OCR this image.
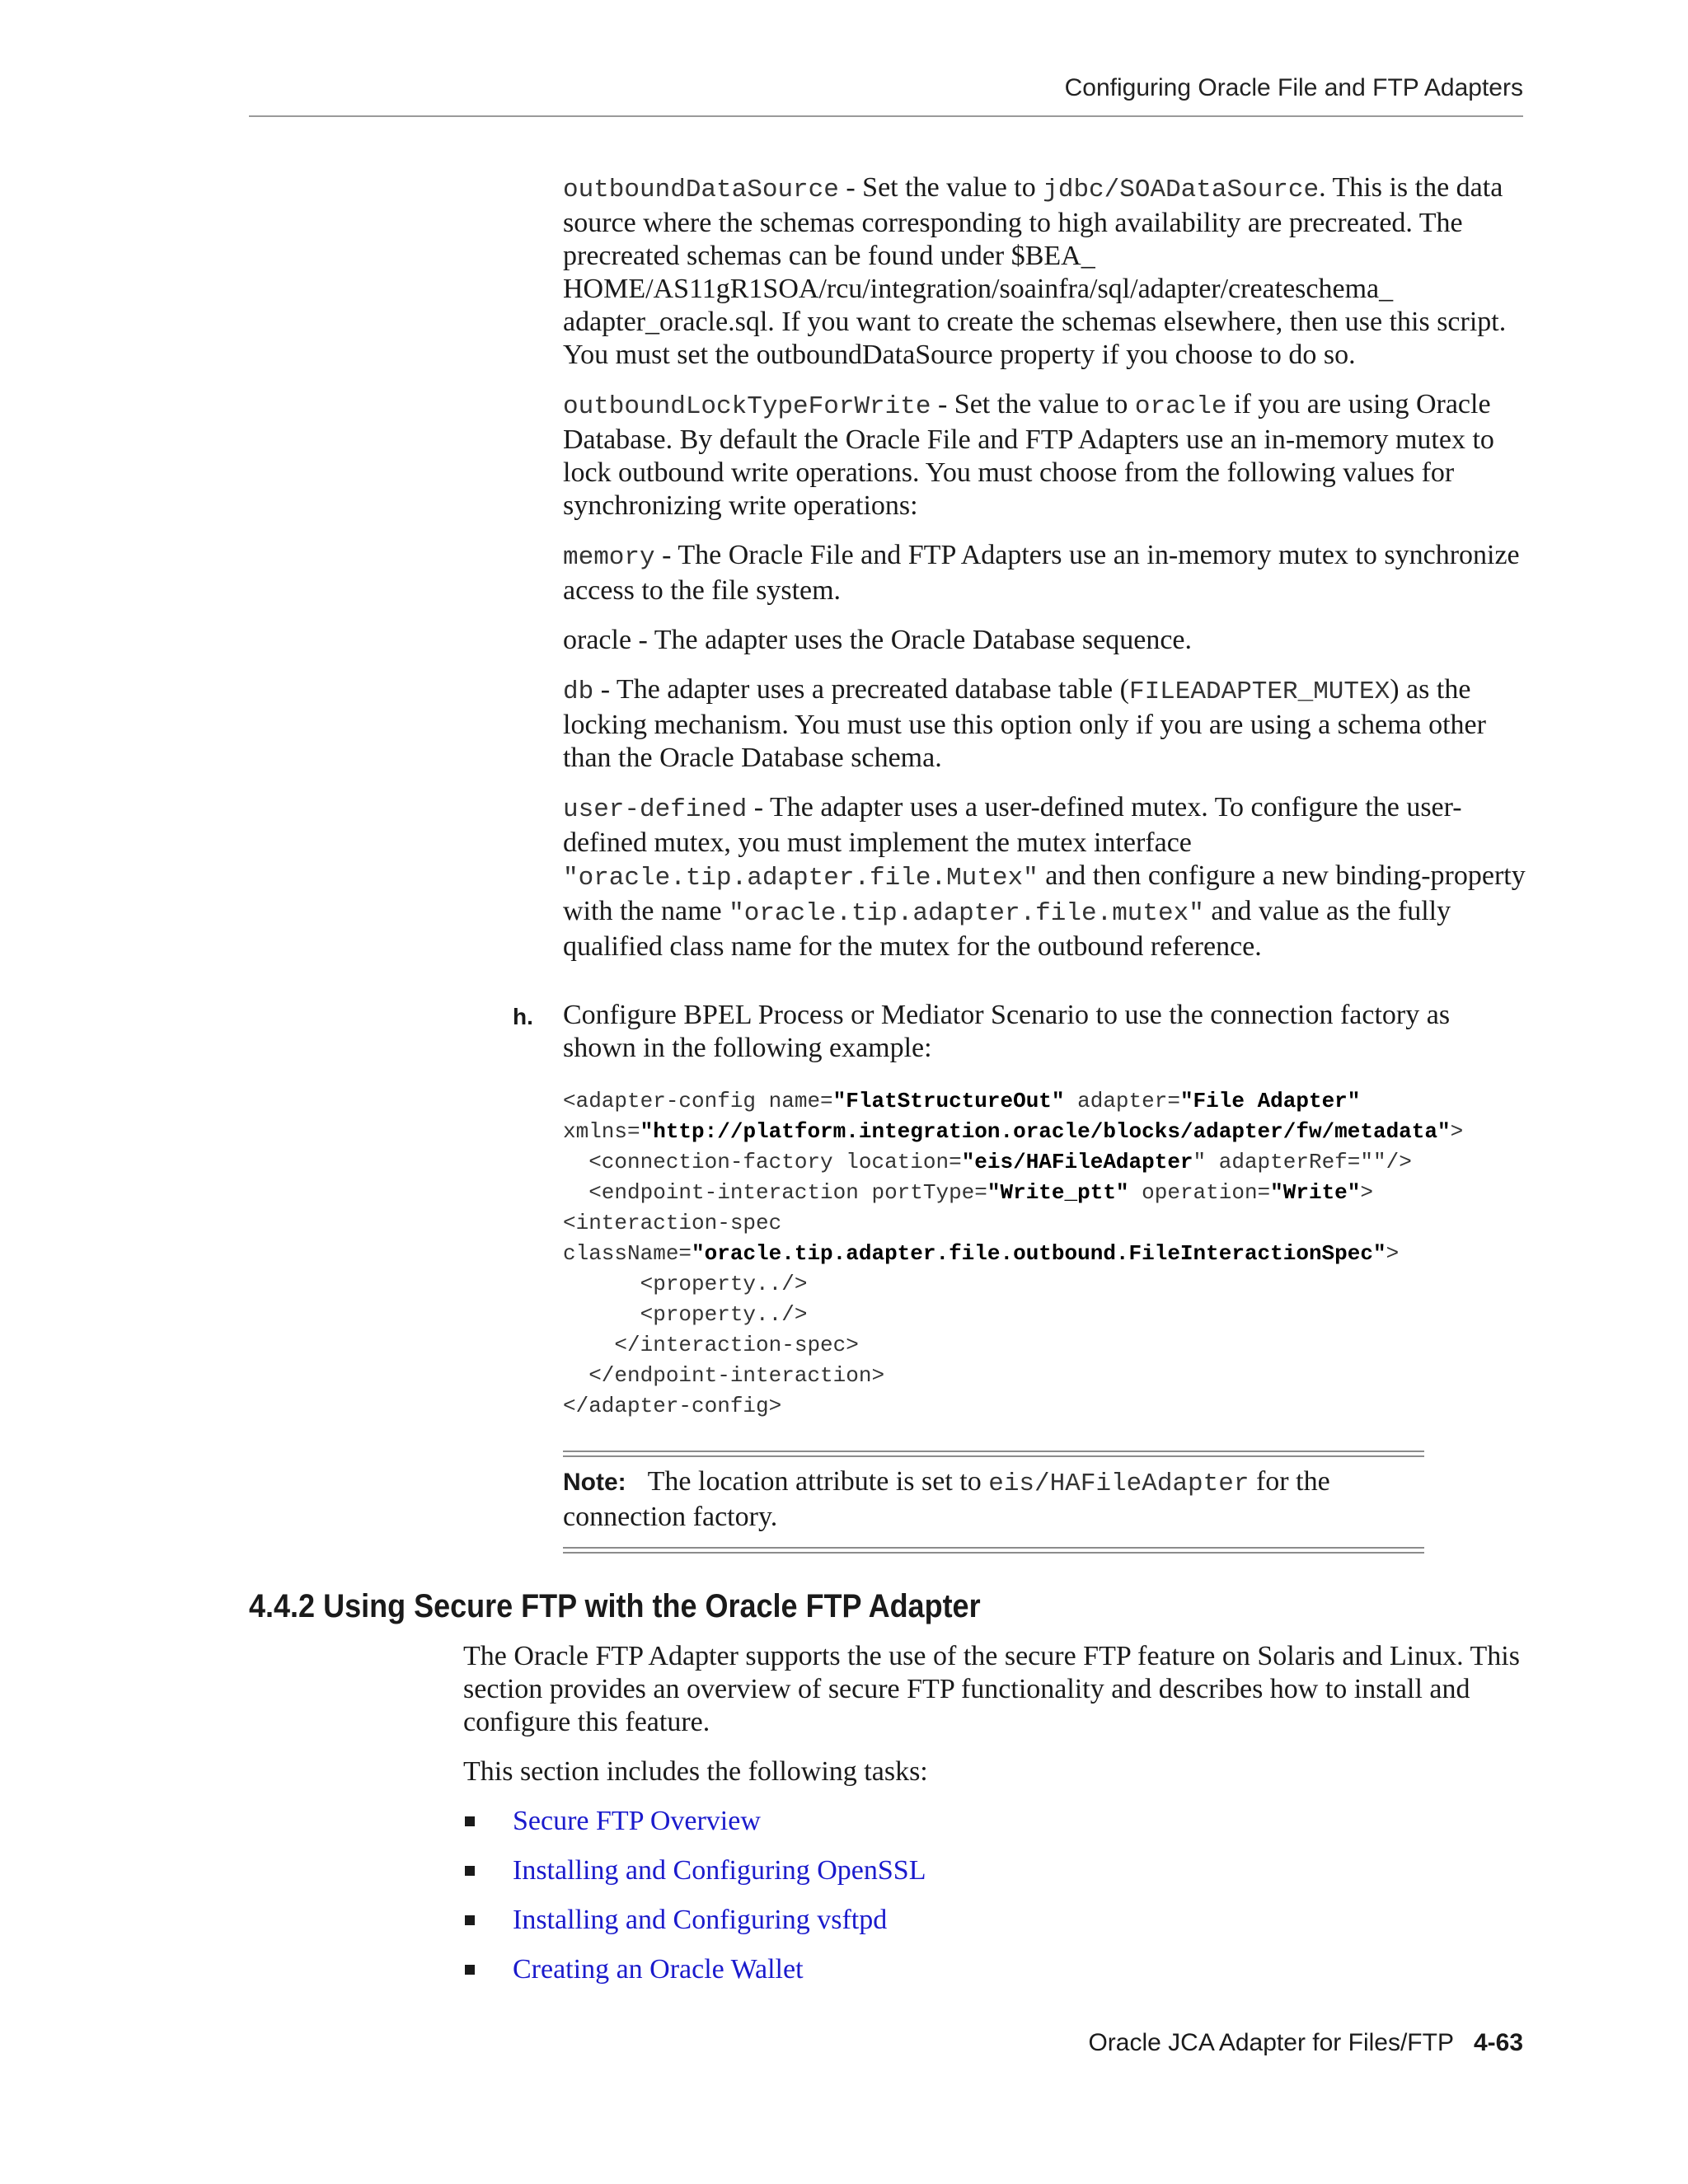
Configuring Oracle File and FTP Adapters

outboundDataSource - Set the value to jdbc/SOADataSource. This is the data source where the schemas corresponding to high availability are precreated. The precreated schemas can be found under $BEA_ HOME/AS11gR1SOA/rcu/integration/soainfra/sql/adapter/createschema_ adapter_oracle.sql. If you want to create the schemas elsewhere, then use this script. You must set the outboundDataSource property if you choose to do so.

outboundLockTypeForWrite - Set the value to oracle if you are using Oracle Database. By default the Oracle File and FTP Adapters use an in-memory mutex to lock outbound write operations. You must choose from the following values for synchronizing write operations:

memory - The Oracle File and FTP Adapters use an in-memory mutex to synchronize access to the file system.

oracle - The adapter uses the Oracle Database sequence.

db - The adapter uses a precreated database table (FILEADAPTER_MUTEX) as the locking mechanism. You must use this option only if you are using a schema other than the Oracle Database schema.

user-defined - The adapter uses a user-defined mutex. To configure the user-defined mutex, you must implement the mutex interface "oracle.tip.adapter.file.Mutex" and then configure a new binding-property with the name "oracle.tip.adapter.file.mutex" and value as the fully qualified class name for the mutex for the outbound reference.

h. Configure BPEL Process or Mediator Scenario to use the connection factory as shown in the following example:
<adapter-config name="FlatStructureOut" adapter="File Adapter"
xmlns="http://platform.integration.oracle/blocks/adapter/fw/metadata">
<connection-factory location="eis/HAFileAdapter" adapterRef=""/>
<endpoint-interaction portType="Write_ptt" operation="Write">
<interaction-spec
className="oracle.tip.adapter.file.outbound.FileInteractionSpec">
<property../>
<property../>
</interaction-spec>
</endpoint-interaction>
</adapter-config>
Note: The location attribute is set to eis/HAFileAdapter for the connection factory.
4.4.2 Using Secure FTP with the Oracle FTP Adapter

The Oracle FTP Adapter supports the use of the secure FTP feature on Solaris and Linux. This section provides an overview of secure FTP functionality and describes how to install and configure this feature.

This section includes the following tasks:

Secure FTP Overview
Installing and Configuring OpenSSL
Installing and Configuring vsftpd
Creating an Oracle Wallet
Oracle JCA Adapter for Files/FTP 4-63
